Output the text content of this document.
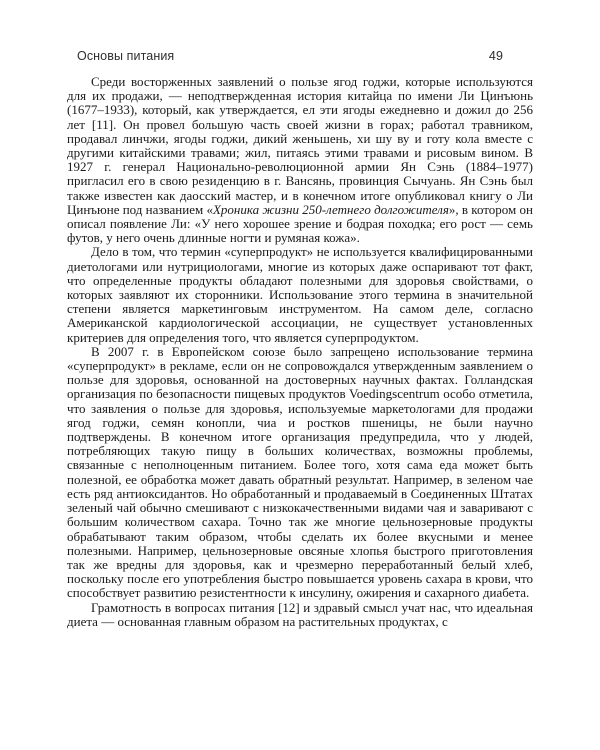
Основы питания	49

Среди восторженных заявлений о пользе ягод годжи, которые используются для их продажи, — неподтвержденная история китайца по имени Ли Цинъюнь (1677–1933), который, как утверждается, ел эти ягоды ежедневно и дожил до 256 лет [11]. Он провел большую часть своей жизни в горах; работал травником, продавал линчжи, ягоды годжи, дикий женьшень, хи шу ву и готу кола вместе с другими китайскими травами; жил, питаясь этими травами и рисовым вином. В 1927 г. генерал Национально-революционной армии Ян Сэнь (1884–1977) пригласил его в свою резиденцию в г. Вансянь, провинция Сычуань. Ян Сэнь был также известен как даосский мастер, и в конечном итоге опубликовал книгу о Ли Цинъюне под названием «Хроника жизни 250-летнего долгожителя», в котором он описал появление Ли: «У него хорошее зрение и бодрая походка; его рост — семь футов, у него очень длинные ногти и румяная кожа».

Дело в том, что термин «суперпродукт» не используется квалифицированными диетологами или нутрициологами, многие из которых даже оспаривают тот факт, что определенные продукты обладают полезными для здоровья свойствами, о которых заявляют их сторонники. Использование этого термина в значительной степени является маркетинговым инструментом. На самом деле, согласно Американской кардиологической ассоциации, не существует установленных критериев для определения того, что является суперпродуктом.

В 2007 г. в Европейском союзе было запрещено использование термина «суперпродукт» в рекламе, если он не сопровождался утвержденным заявлением о пользе для здоровья, основанной на достоверных научных фактах. Голландская организация по безопасности пищевых продуктов Voedingscentrum особо отметила, что заявления о пользе для здоровья, используемые маркетологами для продажи ягод годжи, семян конопли, чиа и ростков пшеницы, не были научно подтверждены. В конечном итоге организация предупредила, что у людей, потребляющих такую пищу в больших количествах, возможны проблемы, связанные с неполноценным питанием. Более того, хотя сама еда может быть полезной, ее обработка может давать обратный результат. Например, в зеленом чае есть ряд антиоксидантов. Но обработанный и продаваемый в Соединенных Штатах зеленый чай обычно смешивают с низкокачественными видами чая и заваривают с большим количеством сахара. Точно так же многие цельнозерновые продукты обрабатывают таким образом, чтобы сделать их более вкусными и менее полезными. Например, цельнозерновые овсяные хлопья быстрого приготовления так же вредны для здоровья, как и чрезмерно переработанный белый хлеб, поскольку после его употребления быстро повышается уровень сахара в крови, что способствует развитию резистентности к инсулину, ожирения и сахарного диабета.

Грамотность в вопросах питания [12] и здравый смысл учат нас, что идеальная диета — основанная главным образом на растительных продуктах, с
